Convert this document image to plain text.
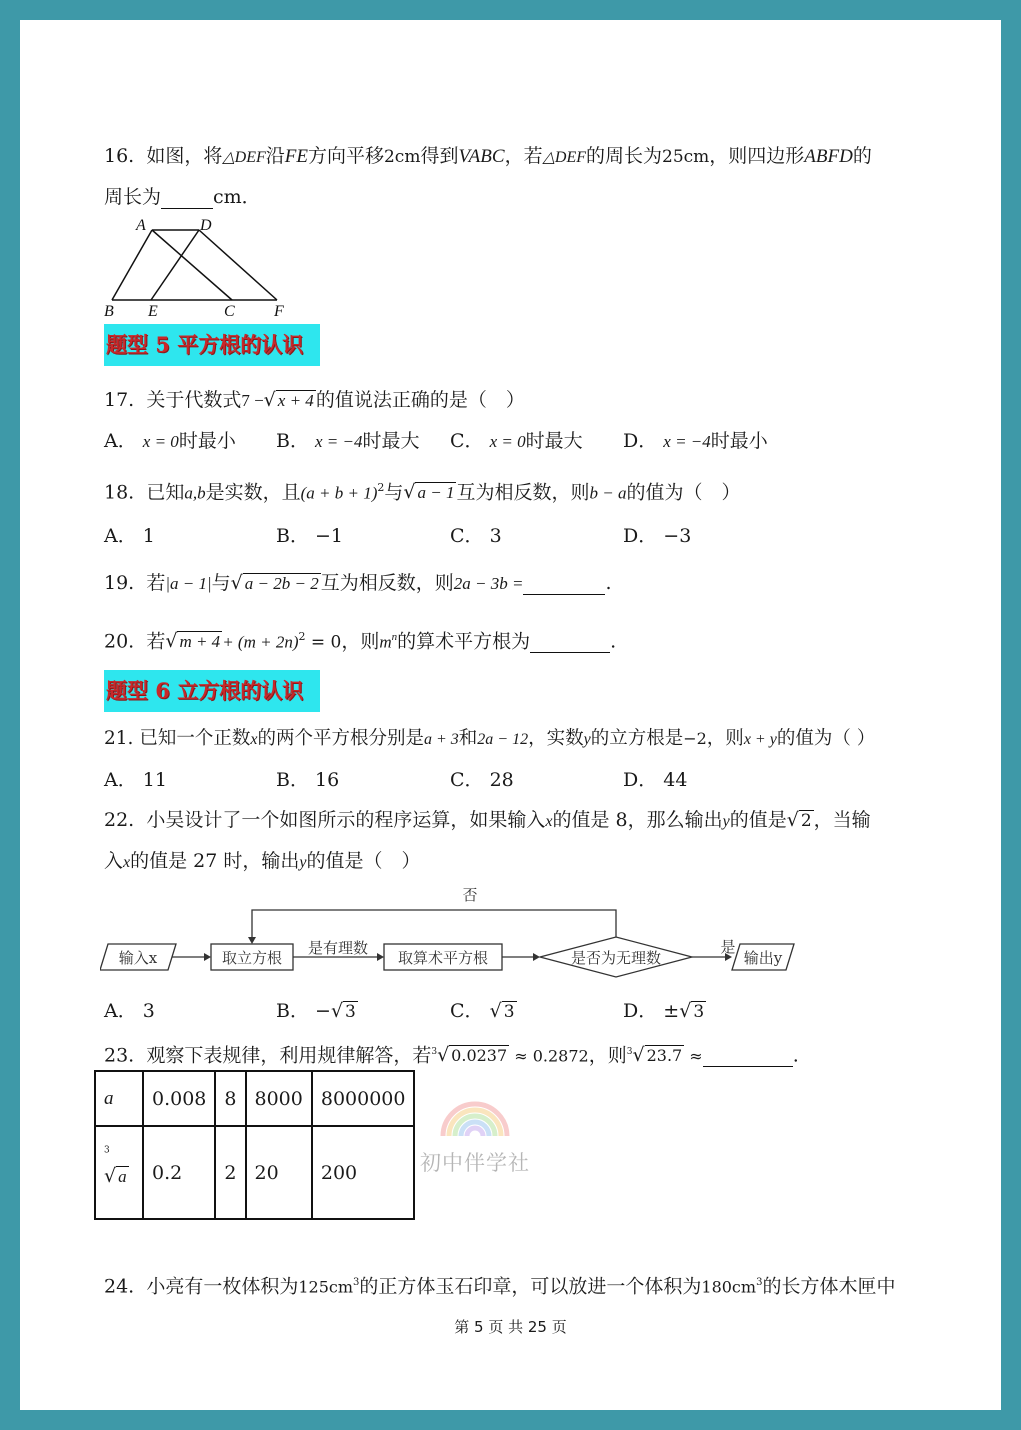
16. 如图，将△DEF沿FE方向平移2cm得到VABC，若△DEF的周长为25cm，则四边形ABFD的
周长为	cm．
A	D
B E	C F
题型 5 平方根的认识
17. 关于代数式7 −√ x + 4 的值说法正确的是（　）
A． x = 0时最小 B． x = −4时最大 C． x = 0时最大 D． x = −4时最小
18. 已知a,b是实数，且$(a + b + 1)^2$与√ a − 1 互为相反数，则b − a的值为（　）
A． 1	B． −1	C． 3	D． −3
19. 若|a − 1|与√ a − 2b − 2 互为相反数，则2a − 3b =	.
20. 若√ $m + 4 + (m + 2n)^2 = 0$，则$m^n$的算术平方根为	.
题型 6 立方根的认识
21. 已知一个正数x的两个平方根分别是a + 3和2a − 12，实数y的立方根是−2，则x + y的值为（ ）
A． 11	B． 16	C． 28	D． 44
22. 小吴设计了一个如图所示的程序运算，如果输入x的值是 8，那么输出y的值是√ 2 ，当输
入x的值是 27 时，输出y的值是（　）
输入x	取立方根
是有理数
取算术平方根	是否为无理数
否
是
输出y
A． 3	B． −√ 3	C． √ 3	D． ±√ 3
23. 观察下表规律，利用规律解答，若$^3$√ 0.0237 ≈ 0.2872，则$^3$√ 23.7 ≈	.
a	0.008	8	8000	8000000
$^3$√ a	0.2	2	20	200	初中伴学社
24. 小亮有一枚体积为$125cm^3$的正方体玉石印章，可以放进一个体积为$180cm^3$的长方体木匣中
第 5 页 共 25 页
